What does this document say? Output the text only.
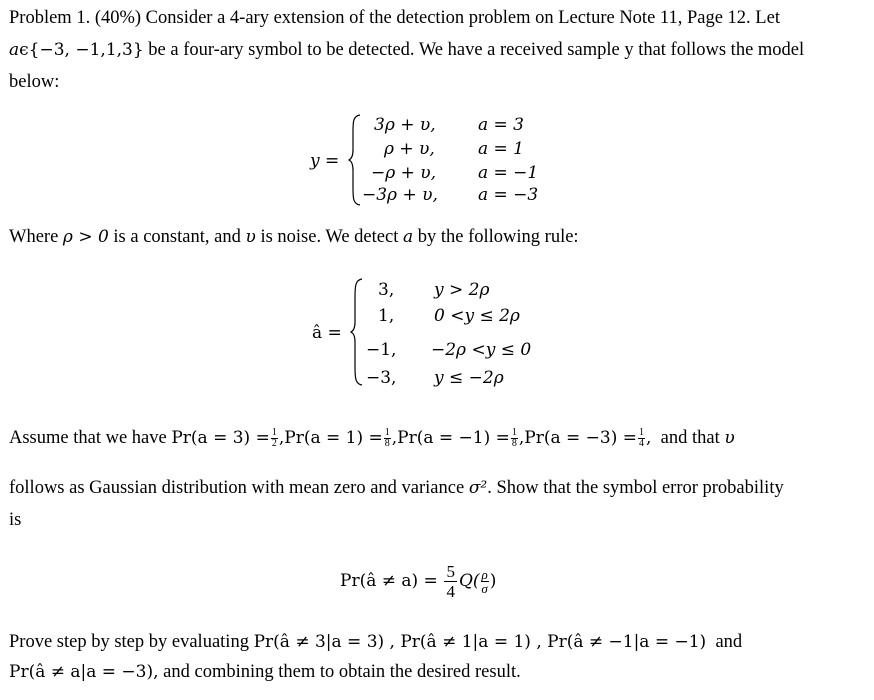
Problem 1. (40%) Consider a 4-ary extension of the detection problem on Lecture Note 11, Page 12. Let
aϵ{−3, −1,1,3} be a four-ary symbol to be detected. We have a received sample y that follows the model
below:
y =
3ρ + υ,
ρ + υ,
−ρ + υ,
−3ρ + υ,
a = 3
a = 1
a = −1
a = −3
Where ρ > 0 is a constant, and υ is noise. We detect a by the following rule:
â =
3,
1,
−1,
−3,
y > 2ρ
0 <y ≤ 2ρ
−2ρ <y ≤ 0
y ≤ −2ρ
Assume that we have $Pr(a = 3) = \frac{1}{2} ,Pr(a = 1) = \frac{1}{8} ,Pr(a = -1) = \frac{1}{8} ,Pr(a = -3) = \frac{1}{4}$ , and that υ
follows as Gaussian distribution with mean zero and variance σ². Show that the symbol error probability
is
Pr(â ≠ $a) = \frac{5}{4} Q( \frac{\rho}{\sigma}$ )
Prove step by step by evaluating Pr(â ≠ 3|a = 3) , Pr(â ≠ 1|a = 1) , Pr(â ≠ −1|a = −1) and
Pr(â ≠ a|a = −3), and combining them to obtain the desired result.
